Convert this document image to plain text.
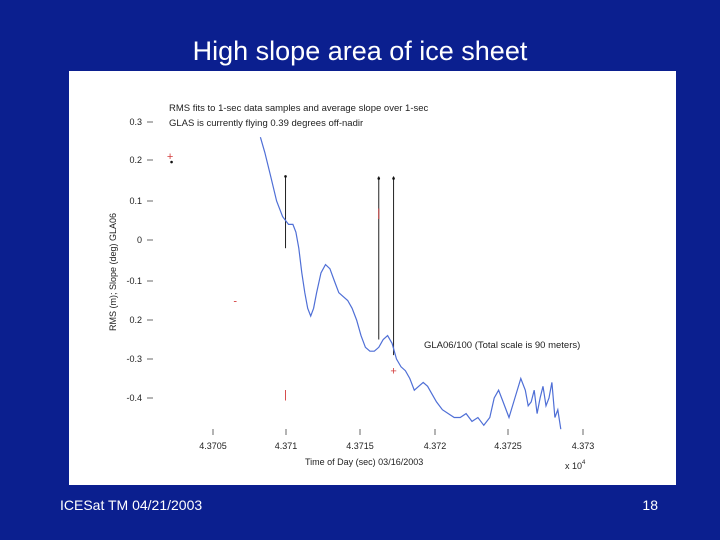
High slope area of ice sheet
RMS fits to 1-sec data samples and average slope over 1-sec
GLAS is currently flying 0.39 degrees off-nadir
GLA06/100 (Total scale is 90 meters)
Time of Day (sec) 03/16/2003
RMS (m); Slope (deg) GLA06
x $10^4$
0.3
0.2
0.1
0
-0.1
0.2
-0.3
-0.4
4.3705	4.371	4.3715	4.372	4.3725	4.373
+
-
|
|
+
ICESat TM 04/21/2003	18
